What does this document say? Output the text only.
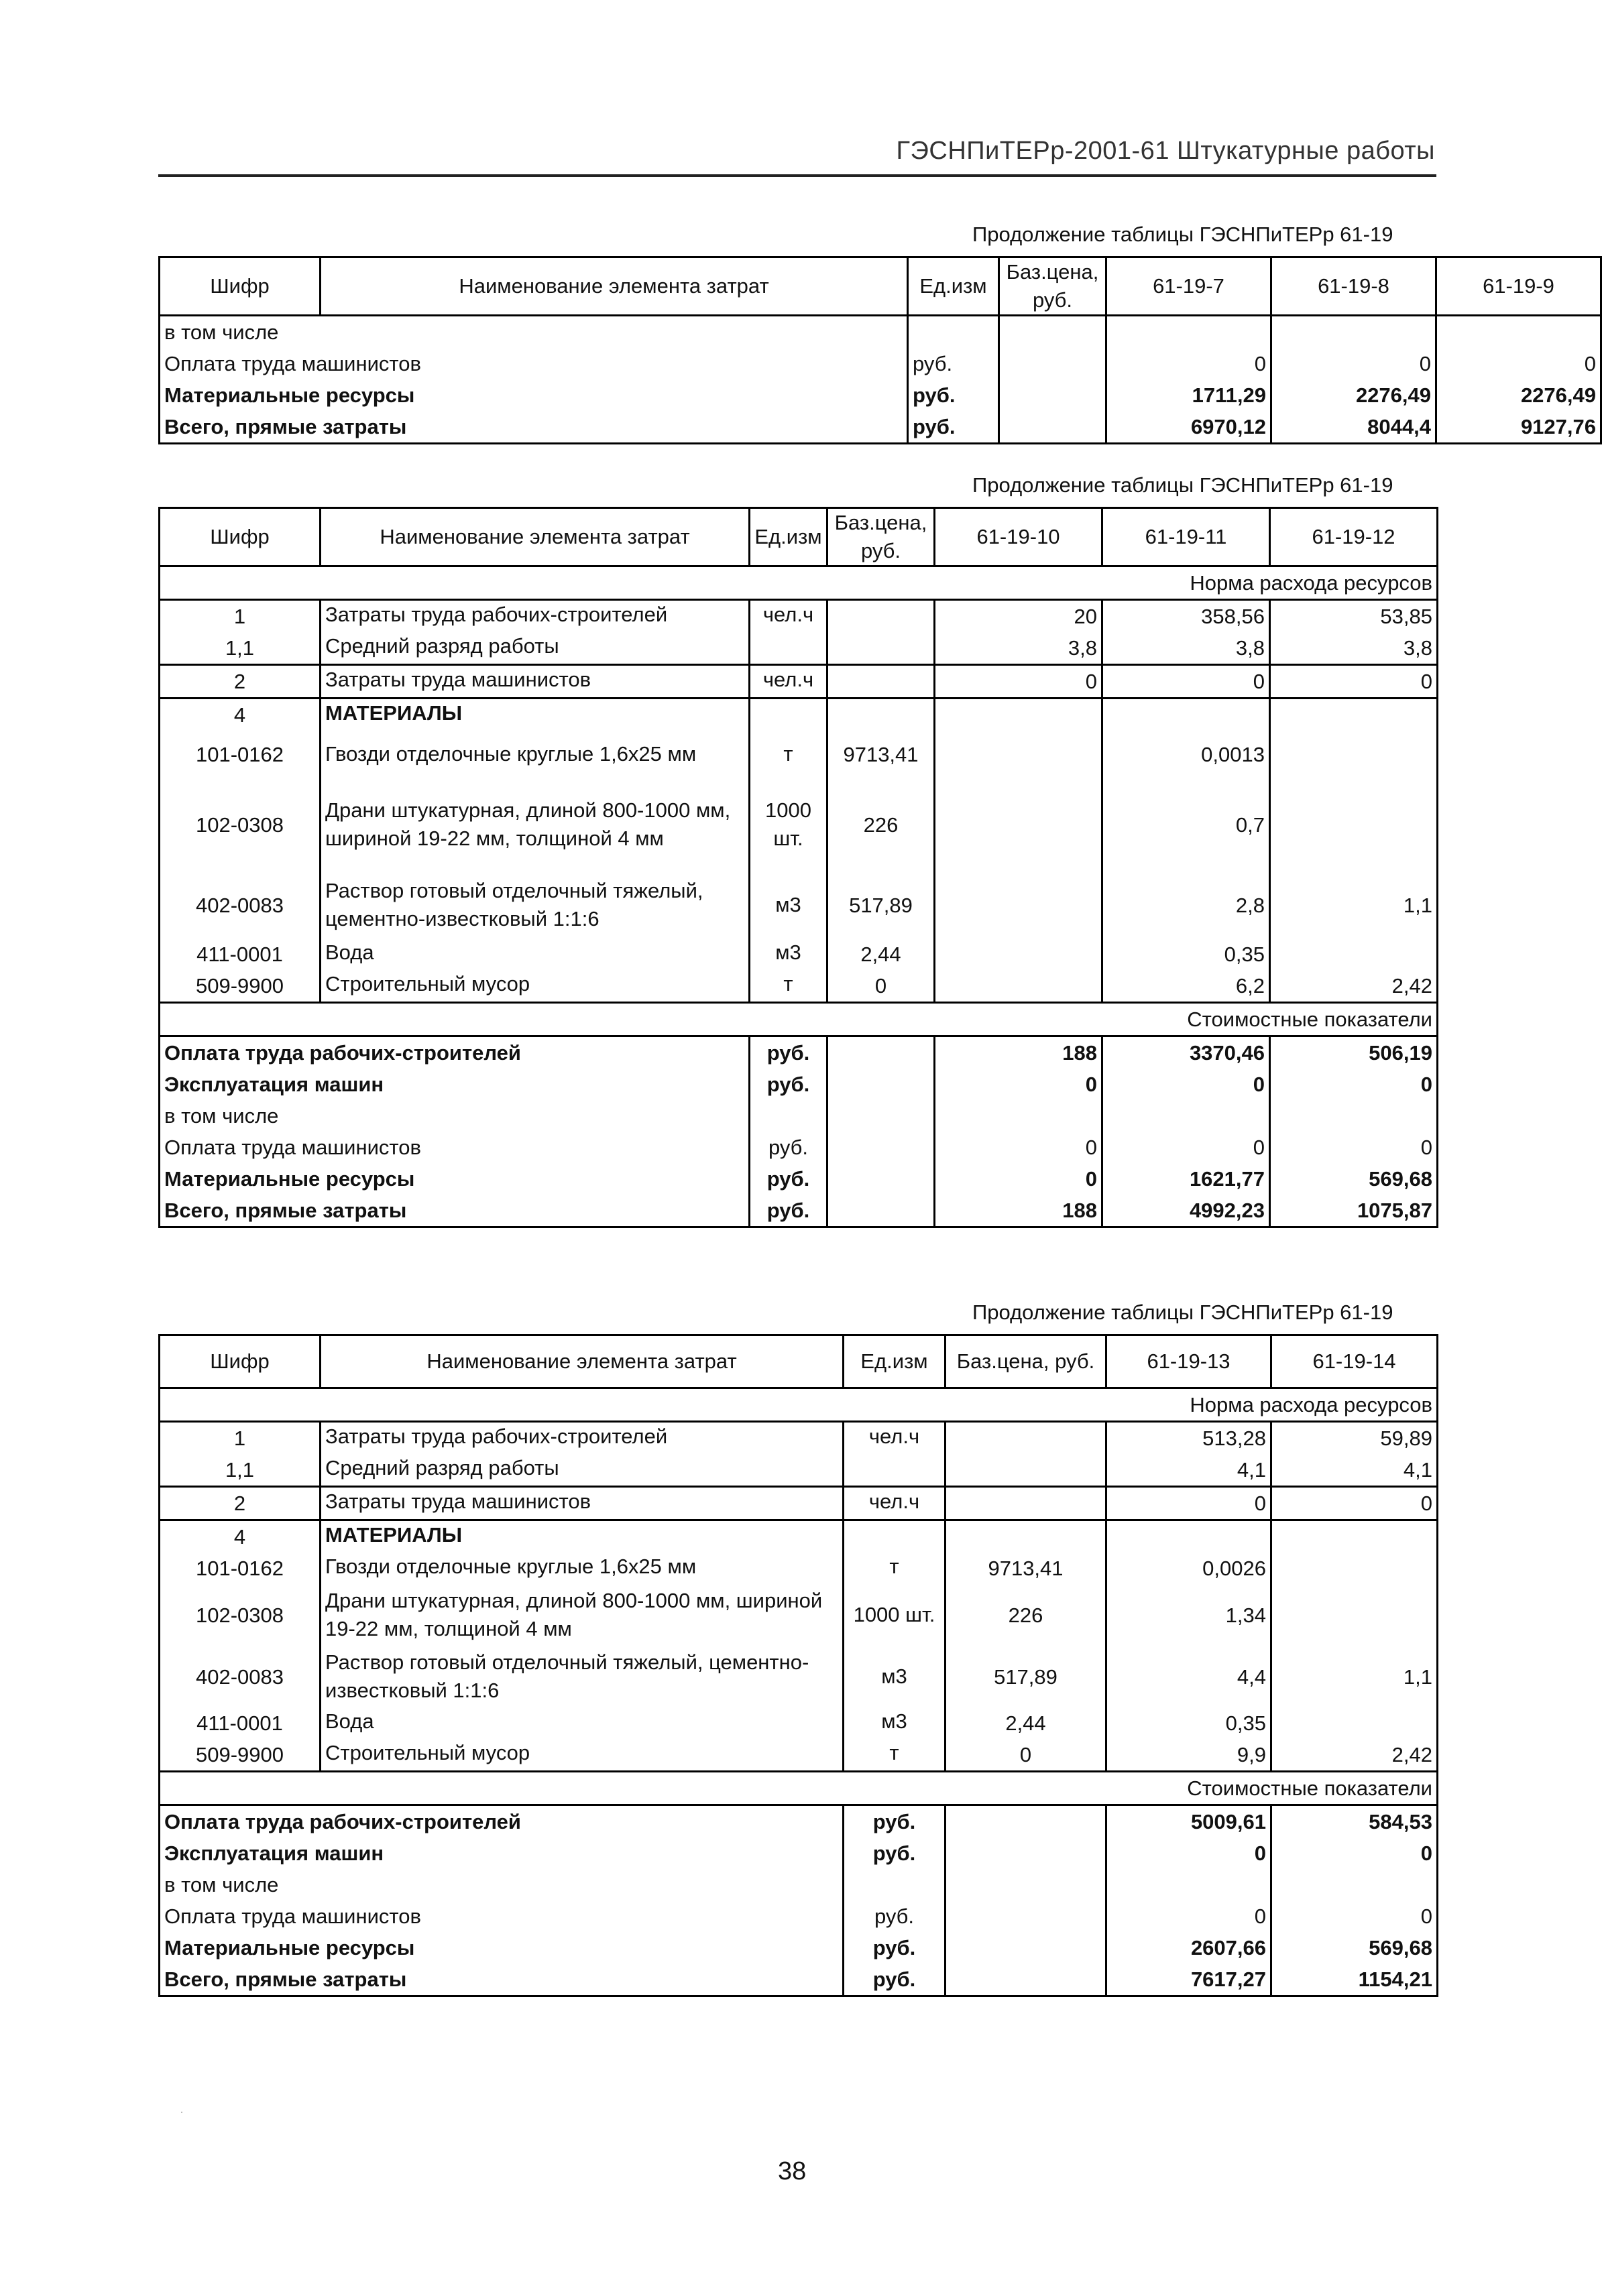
ГЭСНПиТЕРр-2001-61 Штукатурные работы
Продолжение таблицы ГЭСНПиТЕРр 61-19
Шифр	Наименование элемента затрат	Ед.изм	Баз.цена, руб.	61-19-7	61-19-8	61-19-9
в том числе						
Оплата труда машинистов		руб.		0	0	0
Материальные ресурсы		руб.		1711,29	2276,49	2276,49
Всего, прямые затраты		руб.		6970,12	8044,4	9127,76
Продолжение таблицы ГЭСНПиТЕРр 61-19
Шифр	Наименование элемента затрат	Ед.изм	Баз.цена, руб.	61-19-10	61-19-11	61-19-12
Норма расхода ресурсов						
1	Затраты труда рабочих-строителей	чел.ч		20	358,56	53,85
1,1	Средний разряд работы			3,8	3,8	3,8
2	Затраты труда машинистов	чел.ч		0	0	0
4	МАТЕРИАЛЫ					
101-0162	Гвозди отделочные круглые 1,6х25 мм	т	9713,41		0,0013	
102-0308	Драни штукатурная, длиной 800-1000 мм, шириной 19-22 мм, толщиной 4 мм	1000 шт.	226		0,7	
402-0083	Раствор готовый отделочный тяжелый, цементно-известковый 1:1:6	м3	517,89		2,8	1,1
411-0001	Вода	м3	2,44		0,35	
509-9900	Строительный мусор	т	0		6,2	2,42
Стоимостные показатели						
Оплата труда рабочих-строителей		руб.		188	3370,46	506,19
Эксплуатация машин		руб.		0	0	0
в том числе						
Оплата труда машинистов		руб.		0	0	0
Материальные ресурсы		руб.		0	1621,77	569,68
Всего, прямые затраты		руб.		188	4992,23	1075,87
Продолжение таблицы ГЭСНПиТЕРр 61-19
Шифр	Наименование элемента затрат	Ед.изм	Баз.цена, руб.	61-19-13	61-19-14
Норма расхода ресурсов					
1	Затраты труда рабочих-строителей	чел.ч		513,28	59,89
1,1	Средний разряд работы			4,1	4,1
2	Затраты труда машинистов	чел.ч		0	0
4	МАТЕРИАЛЫ				
101-0162	Гвозди отделочные круглые 1,6х25 мм	т	9713,41	0,0026	
102-0308	Драни штукатурная, длиной 800-1000 мм, шириной 19-22 мм, толщиной 4 мм	1000 шт.	226	1,34	
402-0083	Раствор готовый отделочный тяжелый, цементно-известковый 1:1:6	м3	517,89	4,4	1,1
411-0001	Вода	м3	2,44	0,35	
509-9900	Строительный мусор	т	0	9,9	2,42
Стоимостные показатели					
Оплата труда рабочих-строителей		руб.		5009,61	584,53
Эксплуатация машин		руб.		0	0
в том числе					
Оплата труда машинистов		руб.		0	0
Материальные ресурсы		руб.		2607,66	569,68
Всего, прямые затраты		руб.		7617,27	1154,21
38
